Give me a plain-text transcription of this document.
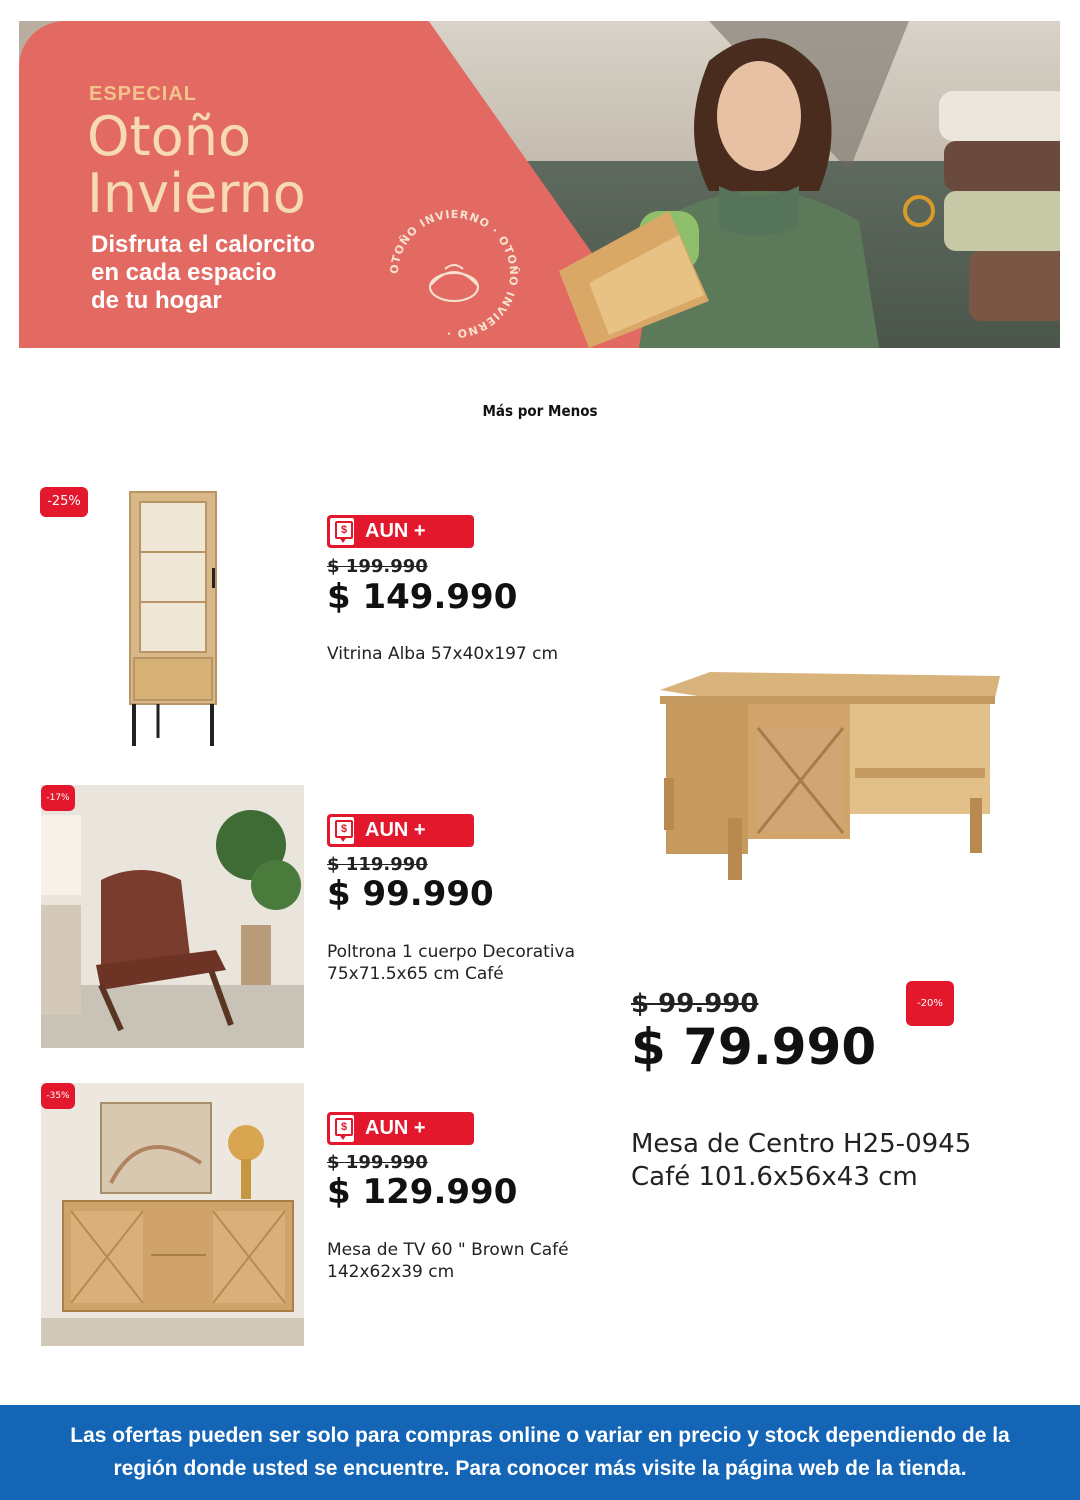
ESPECIAL
Otoño
Invierno
Disfruta el calorcito
en cada espacio
de tu hogar
OTOÑO INVIERNO · OTOÑO INVIERNO ·
Más por Menos
-25%
$ AUN +
$ 199.990
$ 149.990
Vitrina Alba 57x40x197 cm
-17%
$ AUN +
$ 119.990
$ 99.990
Poltrona 1 cuerpo Decorativa
75x71.5x65 cm Café
-35%
$ AUN +
$ 199.990
$ 129.990
Mesa de TV 60 " Brown Café
142x62x39 cm
$ 99.990	-20%
$ 79.990
Mesa de Centro H25-0945
Café 101.6x56x43 cm
Las ofertas pueden ser solo para compras online o variar en precio y stock dependiendo de la
región donde usted se encuentre. Para conocer más visite la página web de la tienda.
